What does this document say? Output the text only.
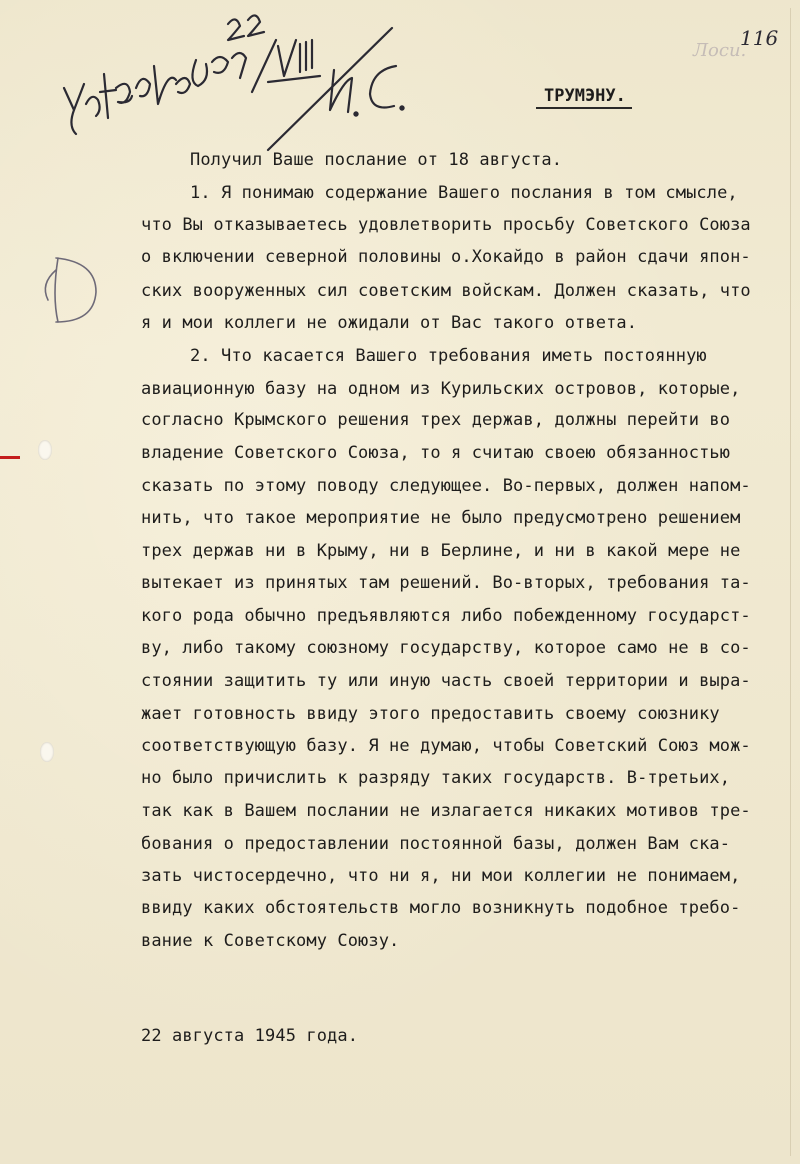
Лоси.
116
ТРУМЭНУ.
Получил Ваше послание от 18 августа.
1. Я понимаю содержание Вашего послания в том смысле,
что Вы отказываетесь удовлетворить просьбу Советского Союза
о включении северной половины о.Хокайдо в район сдачи япон-
ских вооруженных сил советским войскам. Должен сказать, что
я и мои коллеги не ожидали от Вас такого ответа.
2. Что касается Вашего требования иметь постоянную
авиационную базу на одном из Курильских островов, которые,
согласно Крымского решения трех держав, должны перейти во
владение Советского Союза, то я считаю своею обязанностью
сказать по этому поводу следующее. Во-первых, должен напом-
нить, что такое мероприятие не было предусмотрено решением
трех держав ни в Крыму, ни в Берлине, и ни в какой мере не
вытекает из принятых там решений. Во-вторых, требования та-
кого рода обычно предъявляются либо побежденному государст-
ву, либо такому союзному государству, которое само не в со-
стоянии защитить ту или иную часть своей территории и выра-
жает готовность ввиду этого предоставить своему союзнику
соответствующую базу. Я не думаю, чтобы Советский Союз мож-
но было причислить к разряду таких государств. В-третьих,
так как в Вашем послании не излагается никаких мотивов тре-
бования о предоставлении постоянной базы, должен Вам ска-
зать чистосердечно, что ни я, ни мои коллегии не понимаем,
ввиду каких обстоятельств могло возникнуть подобное требо-
вание к Советскому Союзу.
22 августа 1945 года.
